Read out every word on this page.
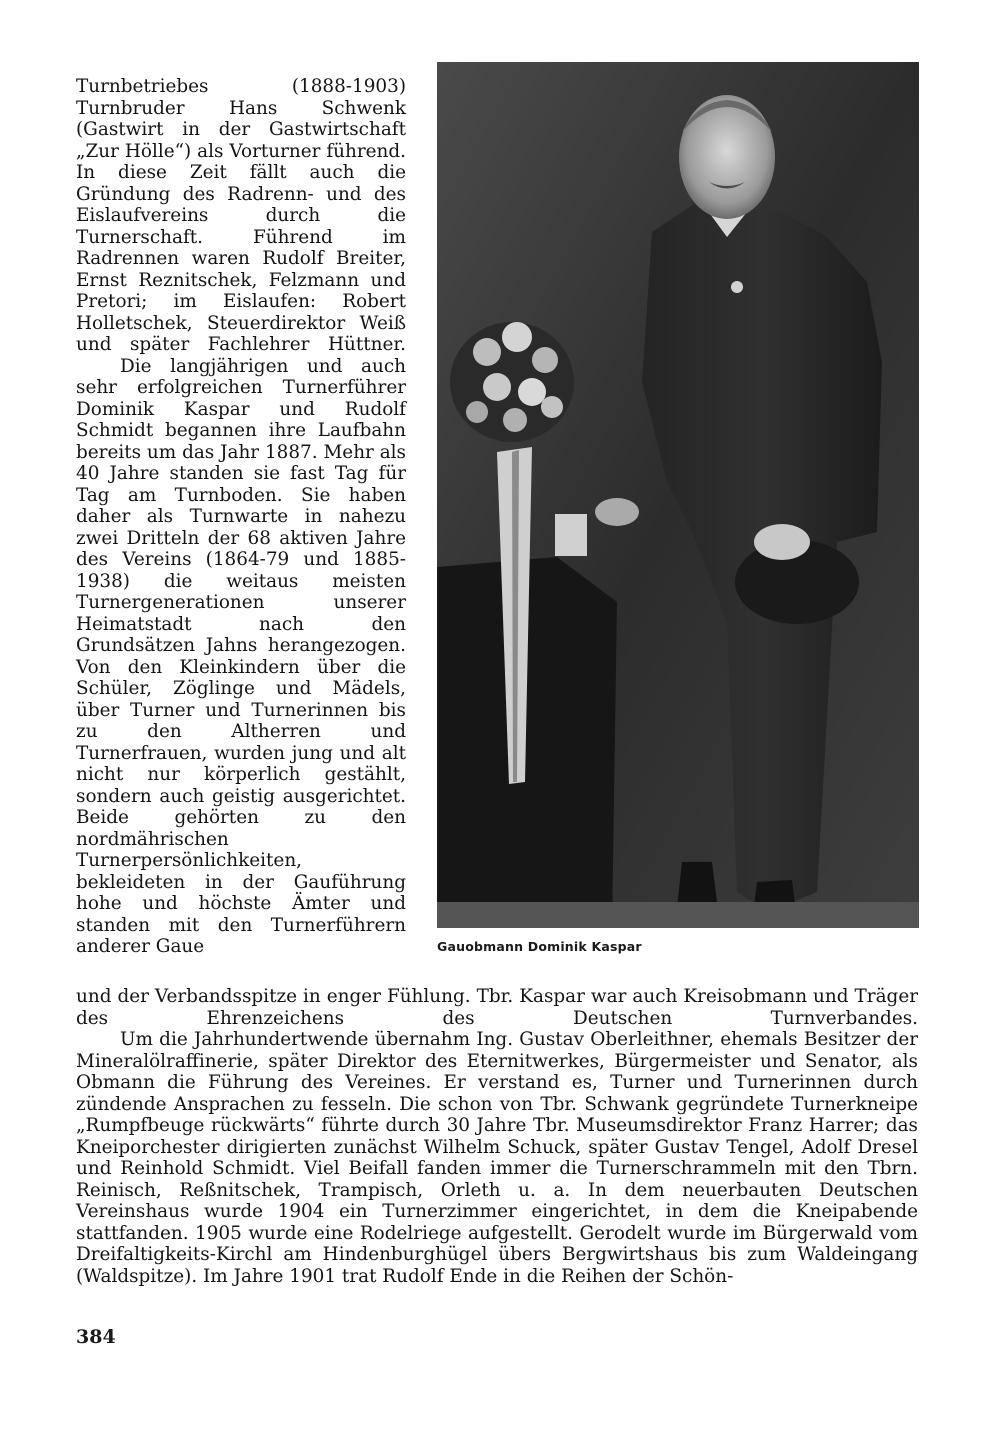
Turnbetriebes (1888-1903) Turnbruder Hans Schwenk (Gastwirt in der Gastwirtschaft „Zur Hölle“) als Vorturner führend. In diese Zeit fällt auch die Gründung des Radrenn- und des Eislaufvereins durch die Turnerschaft. Führend im Radrennen waren Rudolf Breiter, Ernst Reznitschek, Felzmann und Pretori; im Eislaufen: Robert Holletschek, Steuerdirektor Weiß und später Fachlehrer Hüttner.

Die langjährigen und auch sehr erfolgreichen Turnerführer Dominik Kaspar und Rudolf Schmidt begannen ihre Laufbahn bereits um das Jahr 1887. Mehr als 40 Jahre standen sie fast Tag für Tag am Turnboden. Sie haben daher als Turnwarte in nahezu zwei Dritteln der 68 aktiven Jahre des Vereins (1864-79 und 1885-1938) die weitaus meisten Turnergenerationen unserer Heimatstadt nach den Grundsätzen Jahns herangezogen. Von den Kleinkindern über die Schüler, Zöglinge und Mädels, über Turner und Turnerinnen bis zu den Altherren und Turnerfrauen, wurden jung und alt nicht nur körperlich gestählt, sondern auch geistig ausgerichtet. Beide gehörten zu den nordmährischen Turnerpersönlichkeiten, bekleideten in der Gauführung hohe und höchste Ämter und standen mit den Turnerführern anderer Gaue	Gauobmann Dominik Kaspar

und der Verbandsspitze in enger Fühlung. Tbr. Kaspar war auch Kreisobmann und Träger des Ehrenzeichens des Deutschen Turnverbandes.

Um die Jahrhundertwende übernahm Ing. Gustav Oberleithner, ehemals Besitzer der Mineralölraffinerie, später Direktor des Eternitwerkes, Bürgermeister und Senator, als Obmann die Führung des Vereines. Er verstand es, Turner und Turnerinnen durch zündende Ansprachen zu fesseln. Die schon von Tbr. Schwank gegründete Turnerkneipe „Rumpfbeuge rückwärts“ führte durch 30 Jahre Tbr. Museumsdirektor Franz Harrer; das Kneiporchester dirigierten zunächst Wilhelm Schuck, später Gustav Tengel, Adolf Dresel und Reinhold Schmidt. Viel Beifall fanden immer die Turnerschrammeln mit den Tbrn. Reinisch, Reßnitschek, Trampisch, Orleth u. a. In dem neuerbauten Deutschen Vereinshaus wurde 1904 ein Turnerzimmer eingerichtet, in dem die Kneipabende stattfanden. 1905 wurde eine Rodelriege aufgestellt. Gerodelt wurde im Bürgerwald vom Dreifaltigkeits-Kirchl am Hindenburghügel übers Bergwirtshaus bis zum Waldeingang (Waldspitze). Im Jahre 1901 trat Rudolf Ende in die Reihen der Schön-

384
